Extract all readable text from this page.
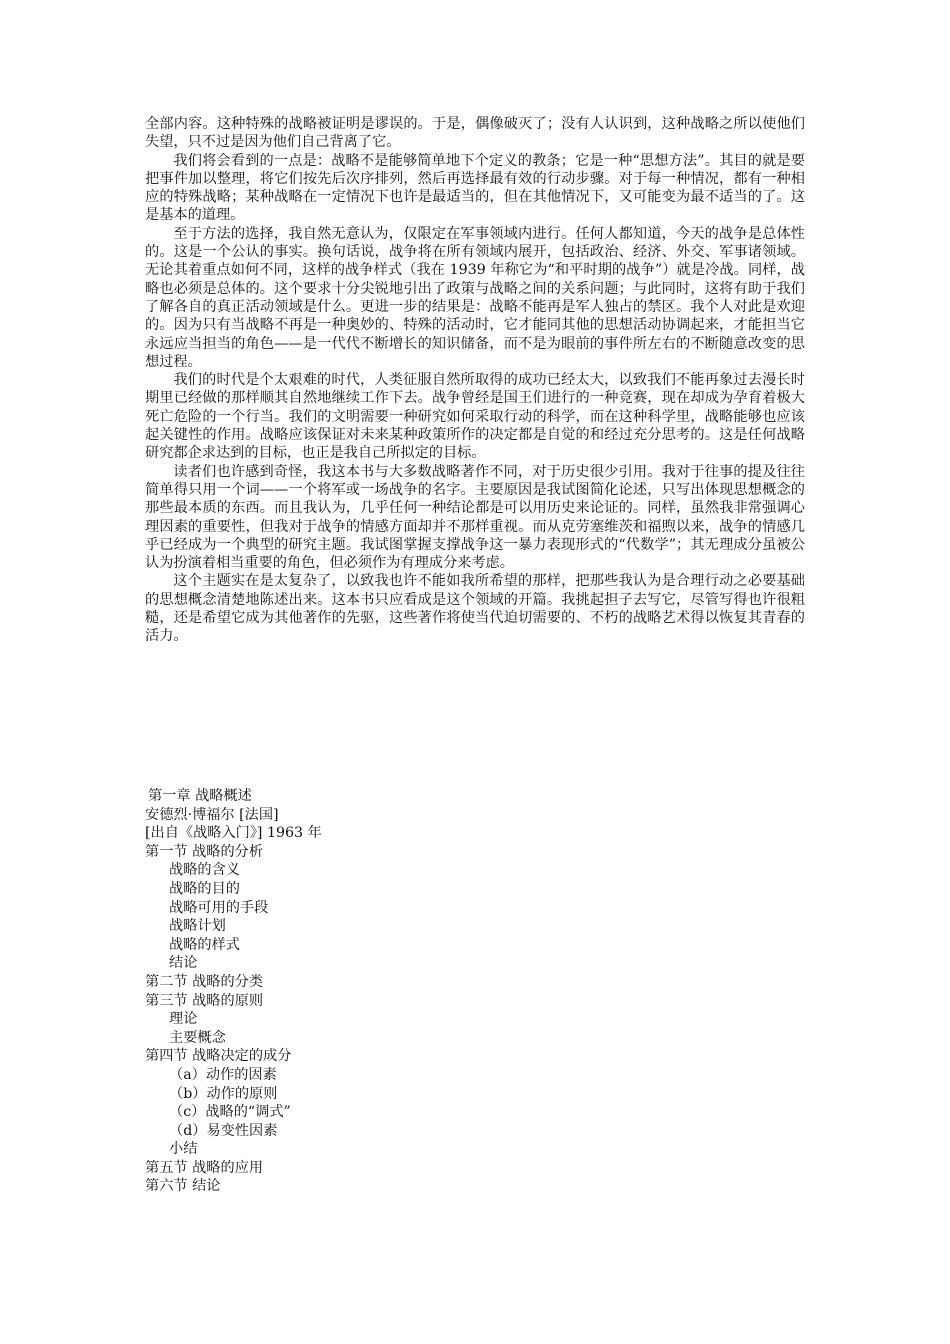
全部内容。这种特殊的战略被证明是谬误的。于是，偶像破灭了；没有人认识到，这种战略之所以使他们失望，只不过是因为他们自己背离了它。

我们将会看到的一点是：战略不是能够简单地下个定义的教条；它是一种“思想方法”。其目的就是要把事件加以整理，将它们按先后次序排列，然后再选择最有效的行动步骤。对于每一种情况，都有一种相应的特殊战略；某种战略在一定情况下也许是最适当的，但在其他情况下，又可能变为最不适当的了。这是基本的道理。

至于方法的选择，我自然无意认为，仅限定在军事领域内进行。任何人都知道，今天的战争是总体性的。这是一个公认的事实。换句话说，战争将在所有领域内展开，包括政治、经济、外交、军事诸领域。无论其着重点如何不同，这样的战争样式（我在 1939 年称它为“和平时期的战争”）就是冷战。同样，战略也必须是总体的。这个要求十分尖锐地引出了政策与战略之间的关系问题；与此同时，这将有助于我们了解各自的真正活动领域是什么。更进一步的结果是：战略不能再是军人独占的禁区。我个人对此是欢迎的。因为只有当战略不再是一种奥妙的、特殊的活动时，它才能同其他的思想活动协调起来，才能担当它永远应当担当的角色——是一代代不断增长的知识储备，而不是为眼前的事件所左右的不断随意改变的思想过程。

我们的时代是个太艰难的时代，人类征服自然所取得的成功已经太大，以致我们不能再象过去漫长时期里已经做的那样顺其自然地继续工作下去。战争曾经是国王们进行的一种竞赛，现在却成为孕育着极大死亡危险的一个行当。我们的文明需要一种研究如何采取行动的科学，而在这种科学里，战略能够也应该起关键性的作用。战略应该保证对未来某种政策所作的决定都是自觉的和经过充分思考的。这是任何战略研究都企求达到的目标，也正是我自己所拟定的目标。

读者们也许感到奇怪，我这本书与大多数战略著作不同，对于历史很少引用。我对于往事的提及往往简单得只用一个词——一个将军或一场战争的名字。主要原因是我试图简化论述，只写出体现思想概念的那些最本质的东西。而且我认为，几乎任何一种结论都是可以用历史来论证的。同样，虽然我非常强调心理因素的重要性，但我对于战争的情感方面却并不那样重视。而从克劳塞维茨和福煦以来，战争的情感几乎已经成为一个典型的研究主题。我试图掌握支撑战争这一暴力表现形式的“代数学”；其无理成分虽被公认为扮演着相当重要的角色，但必须作为有理成分来考虑。

这个主题实在是太复杂了，以致我也许不能如我所希望的那样，把那些我认为是合理行动之必要基础的思想概念清楚地陈述出来。这本书只应看成是这个领域的开篇。我挑起担子去写它，尽管写得也许很粗糙，还是希望它成为其他著作的先驱，这些著作将使当代迫切需要的、不朽的战略艺术得以恢复其青春的活力。

第一章 战略概述
安德烈·博福尔 [法国]
[出自《战略入门》] 1963 年
第一节 战略的分析
战略的含义
战略的目的
战略可用的手段
战略计划
战略的样式
结论
第二节 战略的分类
第三节 战略的原则
理论
主要概念
第四节 战略决定的成分
（a）动作的因素
（b）动作的原则
（c）战略的“调式”
（d）易变性因素
小结
第五节 战略的应用
第六节 结论
